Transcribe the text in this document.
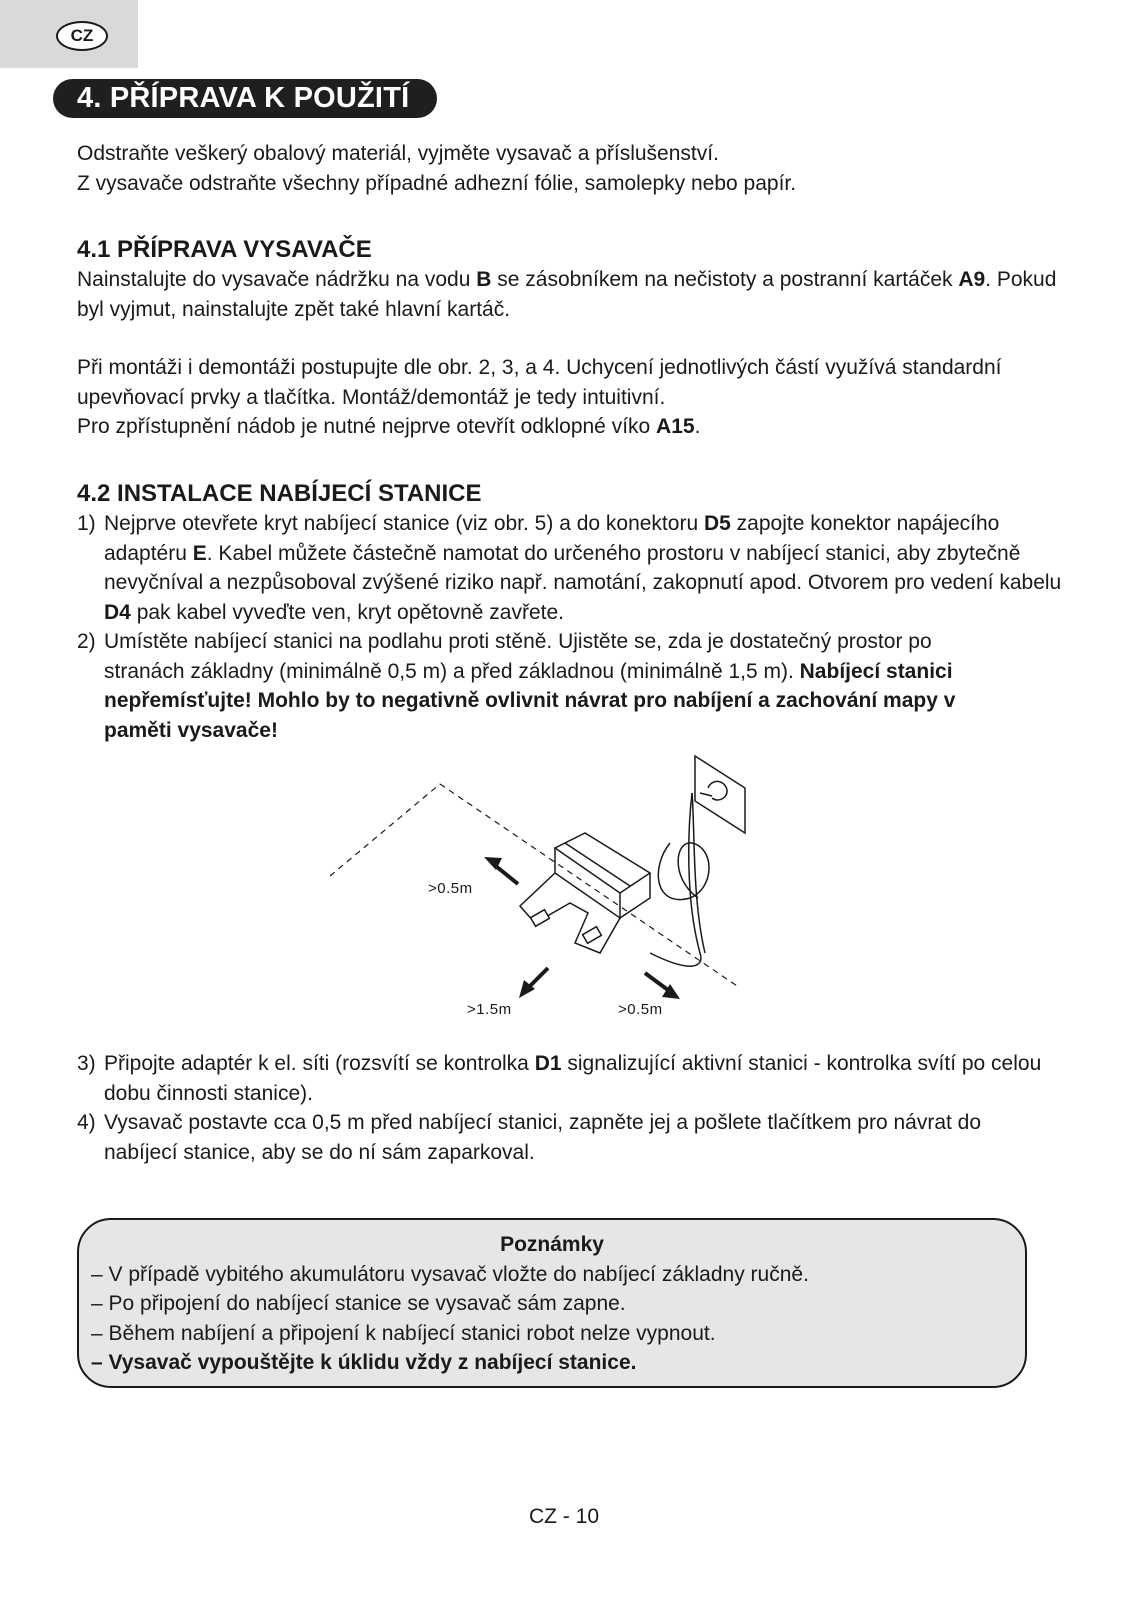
CZ
4. PŘÍPRAVA K POUŽITÍ

Odstraňte veškerý obalový materiál, vyjměte vysavač a příslušenství.

Z vysavače odstraňte všechny případné adhezní fólie, samolepky nebo papír.

4.1 PŘÍPRAVA VYSAVAČE

Nainstalujte do vysavače nádržku na vodu B se zásobníkem na nečistoty a postranní kartáček A9. Pokud byl vyjmut, nainstalujte zpět také hlavní kartáč.

Při montáži i demontáži postupujte dle obr. 2, 3, a 4. Uchycení jednotlivých částí využívá standardní upevňovací prvky a tlačítka. Montáž/demontáž je tedy intuitivní.

Pro zpřístupnění nádob je nutné nejprve otevřít odklopné víko A15.

4.2 INSTALACE NABÍJECÍ STANICE
1) Nejprve otevřete kryt nabíjecí stanice (viz obr. 5) a do konektoru D5 zapojte konektor napájecího adaptéru E. Kabel můžete částečně namotat do určeného prostoru v nabíjecí stanici, aby zbytečně nevyčníval a nezpůsoboval zvýšené riziko např. namotání, zakopnutí apod. Otvorem pro vedení kabelu D4 pak kabel vyveďte ven, kryt opětovně zavřete.
2) Umístěte nabíjecí stanici na podlahu proti stěně. Ujistěte se, zda je dostatečný prostor po stranách základny (minimálně 0,5 m) a před základnou (minimálně 1,5 m). Nabíjecí stanici nepřemísťujte! Mohlo by to negativně ovlivnit návrat pro nabíjení a zachování mapy v paměti vysavače!
>0.5m
>1.5m	>0.5m
3) Připojte adaptér k el. síti (rozsvítí se kontrolka D1 signalizující aktivní stanici - kontrolka svítí po celou dobu činnosti stanice).
4) Vysavač postavte cca 0,5 m před nabíjecí stanici, zapněte jej a pošlete tlačítkem pro návrat do nabíjecí stanice, aby se do ní sám zaparkoval.

Poznámky

– V případě vybitého akumulátoru vysavač vložte do nabíjecí základny ručně.

– Po připojení do nabíjecí stanice se vysavač sám zapne.

– Během nabíjení a připojení k nabíjecí stanici robot nelze vypnout.

– Vysavač vypouštějte k úklidu vždy z nabíjecí stanice.

CZ - 10
